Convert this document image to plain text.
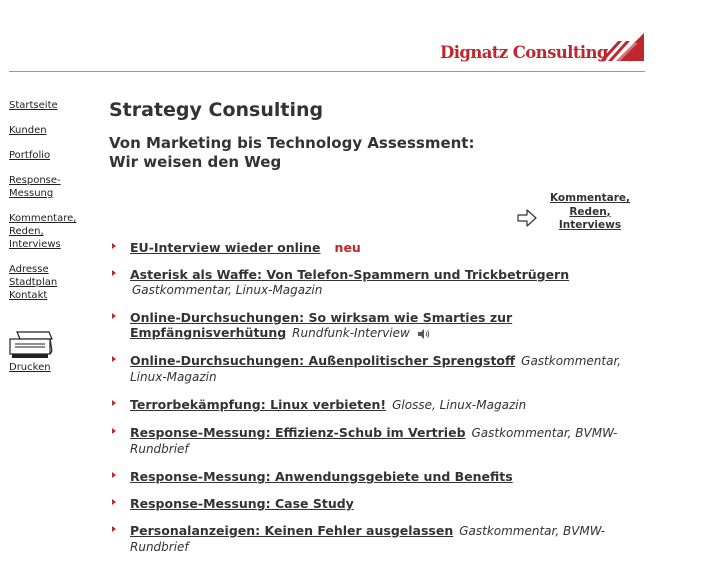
Dignatz Consulting
Startseite
Kunden
Portfolio
Response-
Messung
Kommentare,
Reden,
Interviews
Adresse
Stadtplan
Kontakt
Drucken
Strategy Consulting
Von Marketing bis Technology Assessment:
Wir weisen den Weg
Kommentare,
Reden,
Interviews
EU-Interview wieder online neu
Asterisk als Waffe: Von Telefon-Spammern und Trickbetrügern Gastkommentar, Linux-Magazin
Online-Durchsuchungen: So wirksam wie Smarties zur Empfängnisverhütung Rundfunk-Interview
Online-Durchsuchungen: Außenpolitischer Sprengstoff Gastkommentar, Linux-Magazin
Terrorbekämpfung: Linux verbieten! Glosse, Linux-Magazin
Response-Messung: Effizienz-Schub im Vertrieb Gastkommentar, BVMW-Rundbrief
Response-Messung: Anwendungsgebiete und Benefits
Response-Messung: Case Study
Personalanzeigen: Keinen Fehler ausgelassen Gastkommentar, BVMW-Rundbrief
